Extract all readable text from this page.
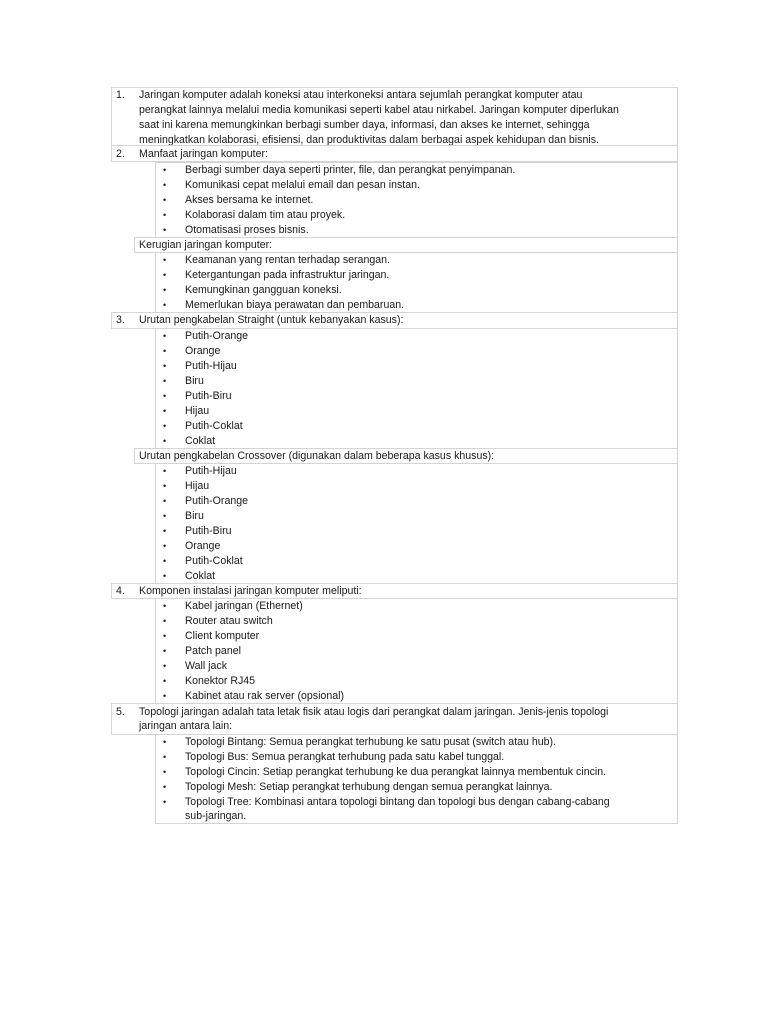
1. Jaringan komputer adalah koneksi atau interkoneksi antara sejumlah perangkat komputer atau
perangkat lainnya melalui media komunikasi seperti kabel atau nirkabel. Jaringan komputer diperlukan
saat ini karena memungkinkan berbagi sumber daya, informasi, dan akses ke internet, sehingga
meningkatkan kolaborasi, efisiensi, dan produktivitas dalam berbagai aspek kehidupan dan bisnis.
2. Manfaat jaringan komputer:
• Berbagi sumber daya seperti printer, file, dan perangkat penyimpanan.
• Komunikasi cepat melalui email dan pesan instan.
• Akses bersama ke internet.
• Kolaborasi dalam tim atau proyek.
• Otomatisasi proses bisnis.
Kerugian jaringan komputer:
• Keamanan yang rentan terhadap serangan.
• Ketergantungan pada infrastruktur jaringan.
• Kemungkinan gangguan koneksi.
• Memerlukan biaya perawatan dan pembaruan.
3. Urutan pengkabelan Straight (untuk kebanyakan kasus):
• Putih-Orange
• Orange
• Putih-Hijau
• Biru
• Putih-Biru
• Hijau
• Putih-Coklat
• Coklat
Urutan pengkabelan Crossover (digunakan dalam beberapa kasus khusus):
• Putih-Hijau
• Hijau
• Putih-Orange
• Biru
• Putih-Biru
• Orange
• Putih-Coklat
• Coklat
4. Komponen instalasi jaringan komputer meliputi:
• Kabel jaringan (Ethernet)
• Router atau switch
• Client komputer
• Patch panel
• Wall jack
• Konektor RJ45
• Kabinet atau rak server (opsional)
5. Topologi jaringan adalah tata letak fisik atau logis dari perangkat dalam jaringan. Jenis-jenis topologi
jaringan antara lain:
• Topologi Bintang: Semua perangkat terhubung ke satu pusat (switch atau hub).
• Topologi Bus: Semua perangkat terhubung pada satu kabel tunggal.
• Topologi Cincin: Setiap perangkat terhubung ke dua perangkat lainnya membentuk cincin.
• Topologi Mesh: Setiap perangkat terhubung dengan semua perangkat lainnya.
• Topologi Tree: Kombinasi antara topologi bintang dan topologi bus dengan cabang-cabang
sub-jaringan.
